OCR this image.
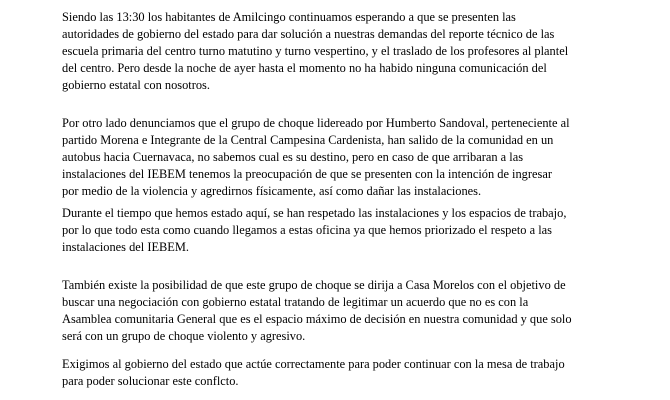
Siendo las 13:30 los habitantes de Amilcingo continuamos esperando a que se presenten las
autoridades de gobierno del estado para dar solución a nuestras demandas del reporte técnico de las
escuela primaria del centro turno matutino y turno vespertino, y el traslado de los profesores al plantel
del centro. Pero desde la noche de ayer hasta el momento no ha habido ninguna comunicación del
gobierno estatal con nosotros.

Por otro lado denunciamos que el grupo de choque lidereado por Humberto Sandoval, perteneciente al
partido Morena e Integrante de la Central Campesina Cardenista, han salido de la comunidad en un
autobus hacia Cuernavaca, no sabemos cual es su destino, pero en caso de que arribaran a las
instalaciones del IEBEM tenemos la preocupación de que se presenten con la intención de ingresar
por medio de la violencia y agredirnos físicamente, así como dañar las instalaciones.

Durante el tiempo que hemos estado aquí, se han respetado las instalaciones y los espacios de trabajo,
por lo que todo esta como cuando llegamos a estas oficina ya que hemos priorizado el respeto a las
instalaciones del IEBEM.

También existe la posibilidad de que este grupo de choque se dirija a Casa Morelos con el objetivo de
buscar una negociación con gobierno estatal tratando de legitimar un acuerdo que no es con la
Asamblea comunitaria General que es el espacio máximo de decisión en nuestra comunidad y que solo
será con un grupo de choque violento y agresivo.

Exigimos al gobierno del estado que actúe correctamente para poder continuar con la mesa de trabajo
para poder solucionar este conflcto.
